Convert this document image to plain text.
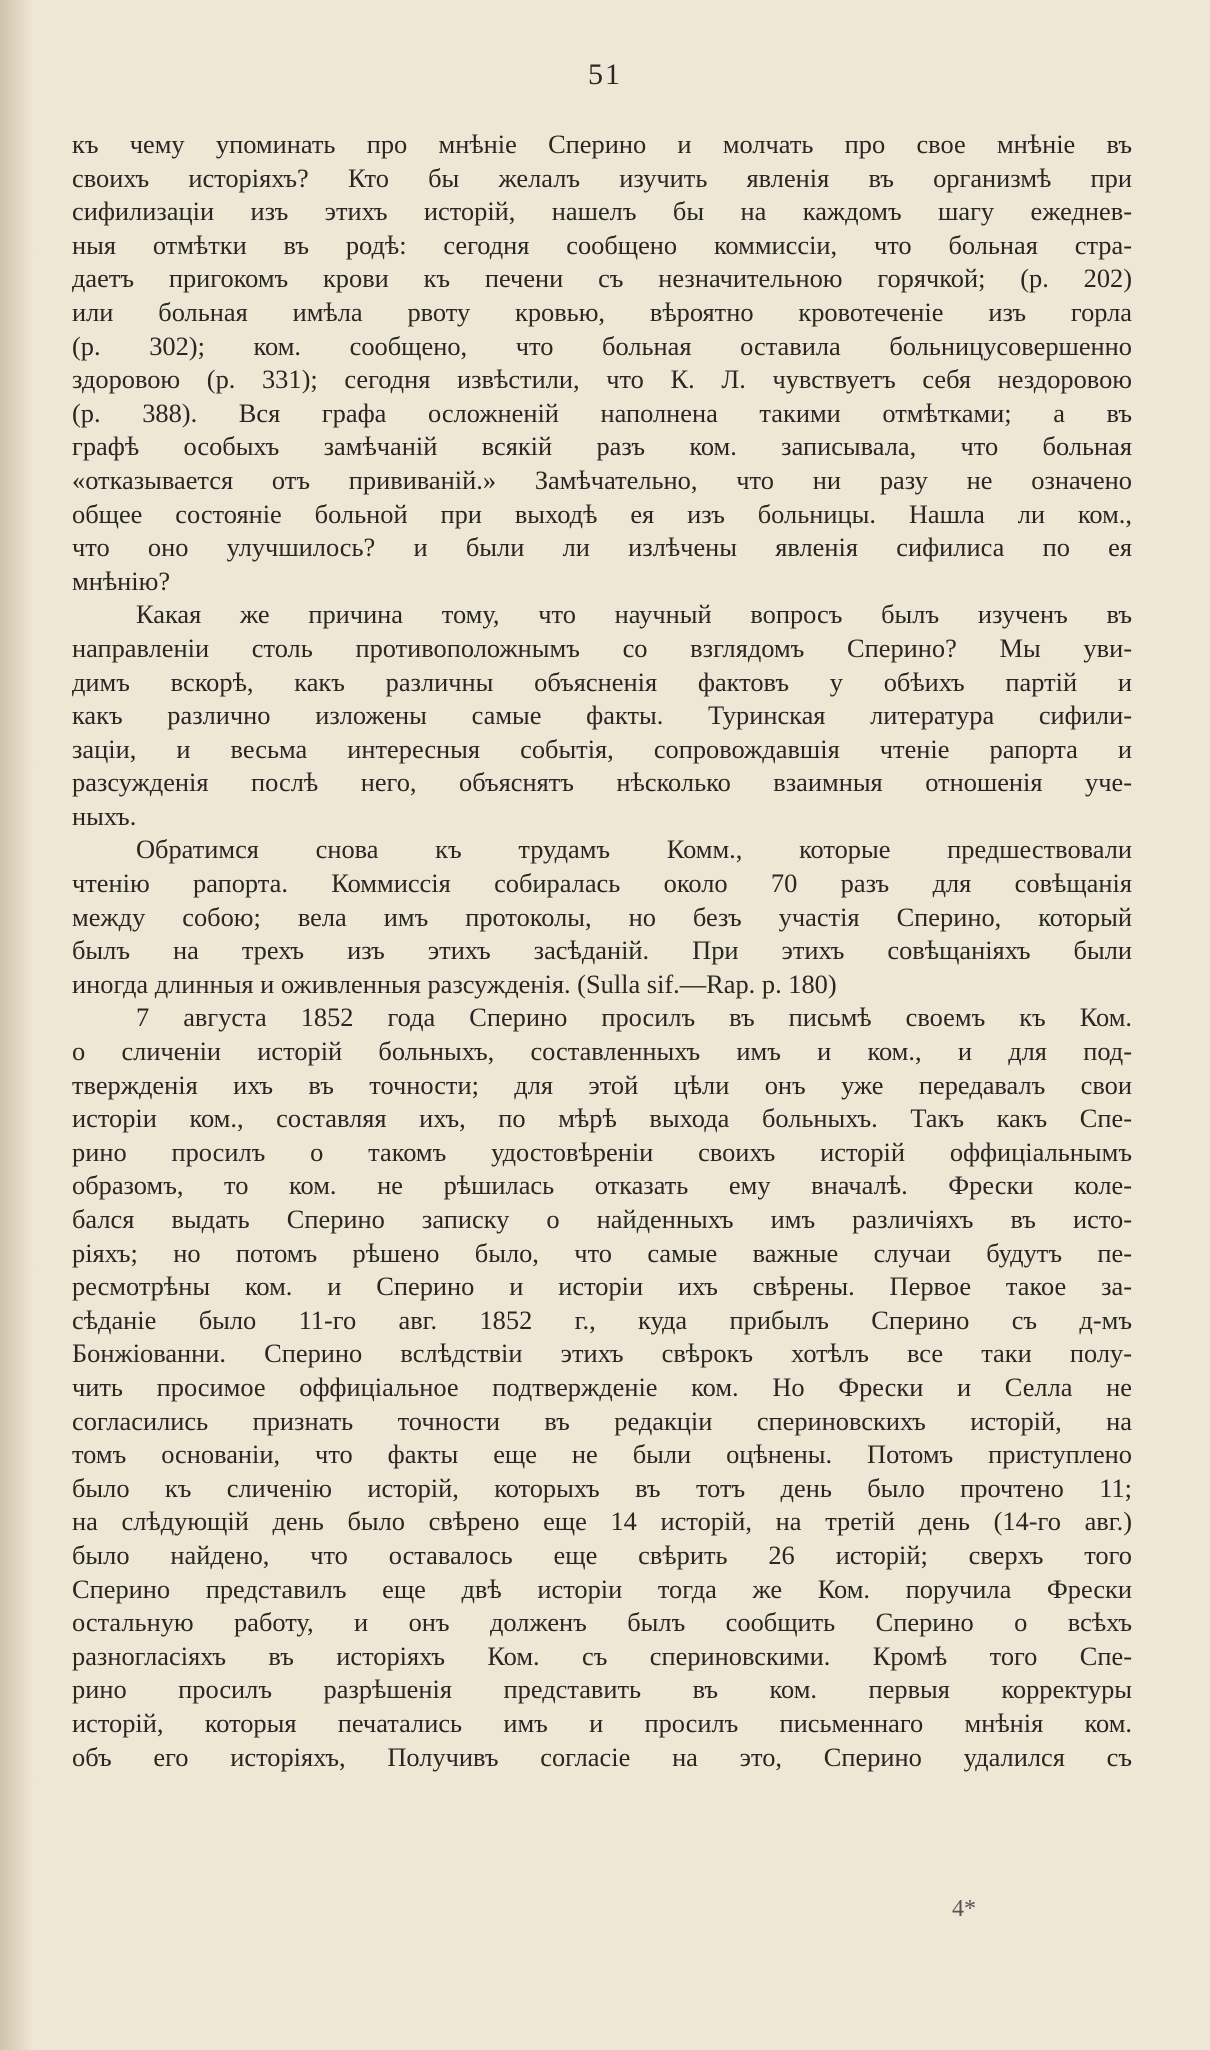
51
къ чему упоминать про мнѣніе Сперино и молчать про свое мнѣніе въ
своихъ исторіяхъ? Кто бы желалъ изучить явленія въ организмѣ при
сифилизаціи изъ этихъ исторій, нашелъ бы на каждомъ шагу ежеднев-
ныя отмѣтки въ родѣ: сегодня сообщено коммиссіи, что больная стра-
даетъ пригокомъ крови къ печени съ незначительною горячкой; (p. 202)
или больная имѣла рвоту кровью, вѣроятно кровотеченіе изъ горла
(p. 302); ком. сообщено, что больная оставила больницусовершенно
здоровою (p. 331); сегодня извѣстили, что К. Л. чувствуетъ себя нездоровою
(p. 388). Вся графа осложненій наполнена такими отмѣтками; а въ
графѣ особыхъ замѣчаній всякій разъ ком. записывала, что больная
«отказывается отъ прививаній.» Замѣчательно, что ни разу не означено
общее состояніе больной при выходѣ ея изъ больницы. Нашла ли ком.,
что оно улучшилось? и были ли излѣчены явленія сифилиса по ея
мнѣнію?
Какая же причина тому, что научный вопросъ былъ изученъ въ
направленіи столь противоположнымъ со взглядомъ Сперино? Мы уви-
димъ вскорѣ, какъ различны объясненія фактовъ у обѣихъ партій и
какъ различно изложены самые факты. Туринская литература сифили-
заціи, и весьма интересныя событія, сопровождавшія чтеніе рапорта и
разсужденія послѣ него, объяснятъ нѣсколько взаимныя отношенія уче-
ныхъ.
Обратимся снова къ трудамъ Комм., которые предшествовали
чтенію рапорта. Коммиссія собиралась около 70 разъ для совѣщанія
между собою; вела имъ протоколы, но безъ участія Сперино, который
былъ на трехъ изъ этихъ засѣданій. При этихъ совѣщаніяхъ были
иногда длинныя и оживленныя разсужденія. (Sulla sif.—Rap. p. 180)
7 августа 1852 года Сперино просилъ въ письмѣ своемъ къ Ком.
о сличеніи исторій больныхъ, составленныхъ имъ и ком., и для под-
твержденія ихъ въ точности; для этой цѣли онъ уже передавалъ свои
исторіи ком., составляя ихъ, по мѣрѣ выхода больныхъ. Такъ какъ Спе-
рино просилъ о такомъ удостовѣреніи своихъ исторій оффиціальнымъ
образомъ, то ком. не рѣшилась отказать ему вначалѣ. Фрески коле-
бался выдать Сперино записку о найденныхъ имъ различіяхъ въ исто-
ріяхъ; но потомъ рѣшено было, что самые важные случаи будутъ пе-
ресмотрѣны ком. и Сперино и исторіи ихъ свѣрены. Первое такое за-
сѣданіе было 11-го авг. 1852 г., куда прибылъ Сперино съ д-мъ
Бонжіованни. Сперино вслѣдствіи этихъ свѣрокъ хотѣлъ все таки полу-
чить просимое оффиціальное подтвержденіе ком. Но Фрески и Селла не
согласились признать точности въ редакціи спериновскихъ исторій, на
томъ основаніи, что факты еще не были оцѣнены. Потомъ приступлено
было къ сличенію исторій, которыхъ въ тотъ день было прочтено 11;
на слѣдующій день было свѣрено еще 14 исторій, на третій день (14-го авг.)
было найдено, что оставалось еще свѣрить 26 исторій; сверхъ того
Сперино представилъ еще двѣ исторіи тогда же Ком. поручила Фрески
остальную работу, и онъ долженъ былъ сообщить Сперино о всѣхъ
разногласіяхъ въ исторіяхъ Ком. съ спериновскими. Кромѣ того Спе-
рино просилъ разрѣшенія представить въ ком. первыя корректуры
исторій, которыя печатались имъ и просилъ письменнаго мнѣнія ком.
объ его исторіяхъ, Получивъ согласіе на это, Сперино удалился съ
4*
